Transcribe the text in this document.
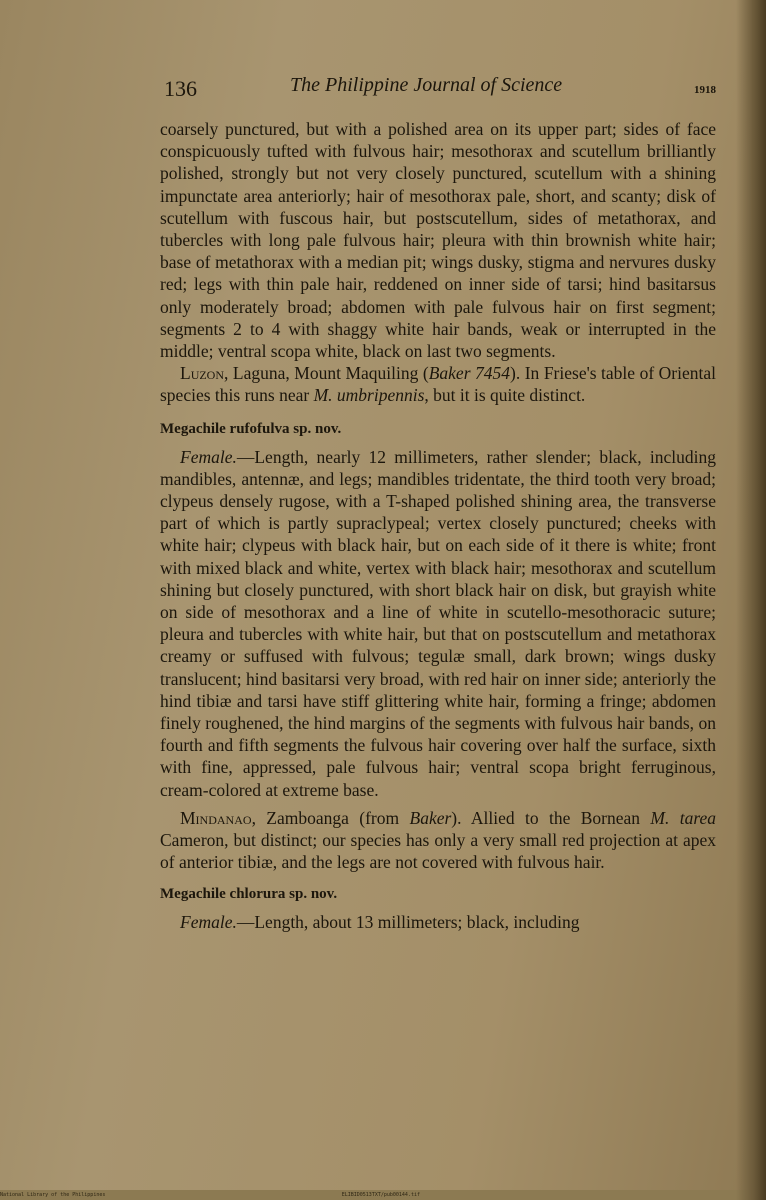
136	The Philippine Journal of Science	1918

coarsely punctured, but with a polished area on its upper part; sides of face conspicuously tufted with fulvous hair; mesothorax and scutellum brilliantly polished, strongly but not very closely punctured, scutellum with a shining impunctate area anteriorly; hair of mesothorax pale, short, and scanty; disk of scutellum with fuscous hair, but postscutellum, sides of metathorax, and tubercles with long pale fulvous hair; pleura with thin brownish white hair; base of metathorax with a median pit; wings dusky, stigma and nervures dusky red; legs with thin pale hair, reddened on inner side of tarsi; hind basitarsus only moderately broad; abdomen with pale fulvous hair on first segment; segments 2 to 4 with shaggy white hair bands, weak or interrupted in the middle; ventral scopa white, black on last two segments.

Luzon, Laguna, Mount Maquiling (Baker 7454). In Friese's table of Oriental species this runs near M. umbripennis, but it is quite distinct.

Megachile rufofulva sp. nov.

Female.—Length, nearly 12 millimeters, rather slender; black, including mandibles, antennæ, and legs; mandibles tridentate, the third tooth very broad; clypeus densely rugose, with a T-shaped polished shining area, the transverse part of which is partly supraclypeal; vertex closely punctured; cheeks with white hair; clypeus with black hair, but on each side of it there is white; front with mixed black and white, vertex with black hair; mesothorax and scutellum shining but closely punctured, with short black hair on disk, but grayish white on side of mesothorax and a line of white in scutello-mesothoracic suture; pleura and tubercles with white hair, but that on postscutellum and metathorax creamy or suffused with fulvous; tegulæ small, dark brown; wings dusky translucent; hind basitarsi very broad, with red hair on inner side; anteriorly the hind tibiæ and tarsi have stiff glittering white hair, forming a fringe; abdomen finely roughened, the hind margins of the segments with fulvous hair bands, on fourth and fifth segments the fulvous hair covering over half the surface, sixth with fine, appressed, pale fulvous hair; ventral scopa bright ferruginous, cream-colored at extreme base.

Mindanao, Zamboanga (from Baker). Allied to the Bornean M. tarea Cameron, but distinct; our species has only a very small red projection at apex of anterior tibiæ, and the legs are not covered with fulvous hair.

Megachile chlorura sp. nov.

Female.—Length, about 13 millimeters; black, including

National Library of the Philippines	ELIBID0513TXT/pub00144.tif
